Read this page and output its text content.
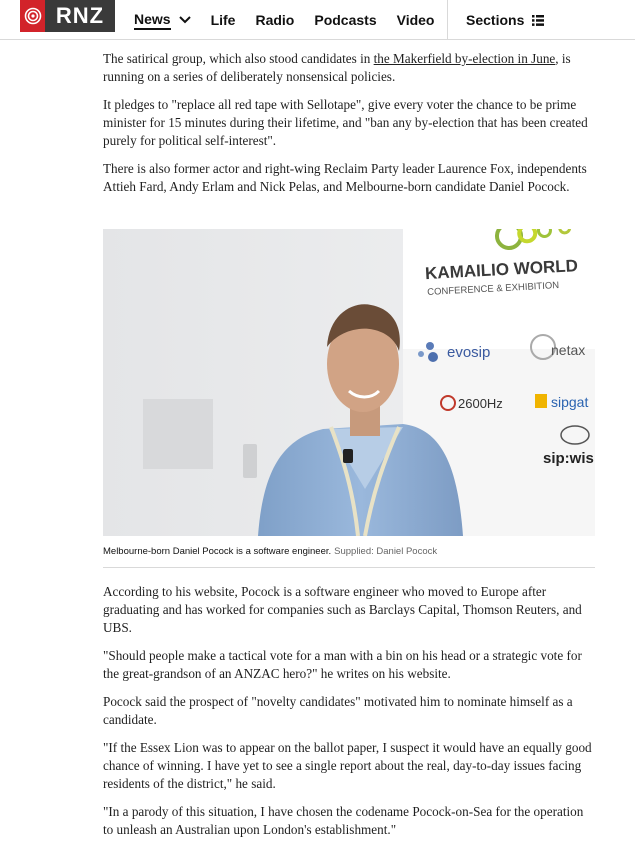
RNZ	News	Life Radio Podcasts Video Sections

The satirical group, which also stood candidates in the Makerfield by-election in June, is running on a series of deliberately nonsensical policies.

It pledges to "replace all red tape with Sellotape", give every voter the chance to be prime minister for 15 minutes during their lifetime, and "ban any by-election that has been created purely for political self-interest".

There is also former actor and right-wing Reclaim Party leader Laurence Fox, independents Attieh Fard, Andy Erlam and Nick Pelas, and Melbourne-born candidate Daniel Pocock.

KAMAILIO WORLD
CONFERENCE & EXHIBITION
evosip	netax
2600Hz	sipgat
sip:wis
Melbourne-born Daniel Pocock is a software engineer. Supplied: Daniel Pocock

According to his website, Pocock is a software engineer who moved to Europe after graduating and has worked for companies such as Barclays Capital, Thomson Reuters, and UBS.

"Should people make a tactical vote for a man with a bin on his head or a strategic vote for the great-grandson of an ANZAC hero?" he writes on his website.

Pocock said the prospect of "novelty candidates" motivated him to nominate himself as a candidate.

"If the Essex Lion was to appear on the ballot paper, I suspect it would have an equally good chance of winning. I have yet to see a single report about the real, day-to-day issues facing residents of the district," he said.

"In a parody of this situation, I have chosen the codename Pocock-on-Sea for the operation to unleash an Australian upon London's establishment."
